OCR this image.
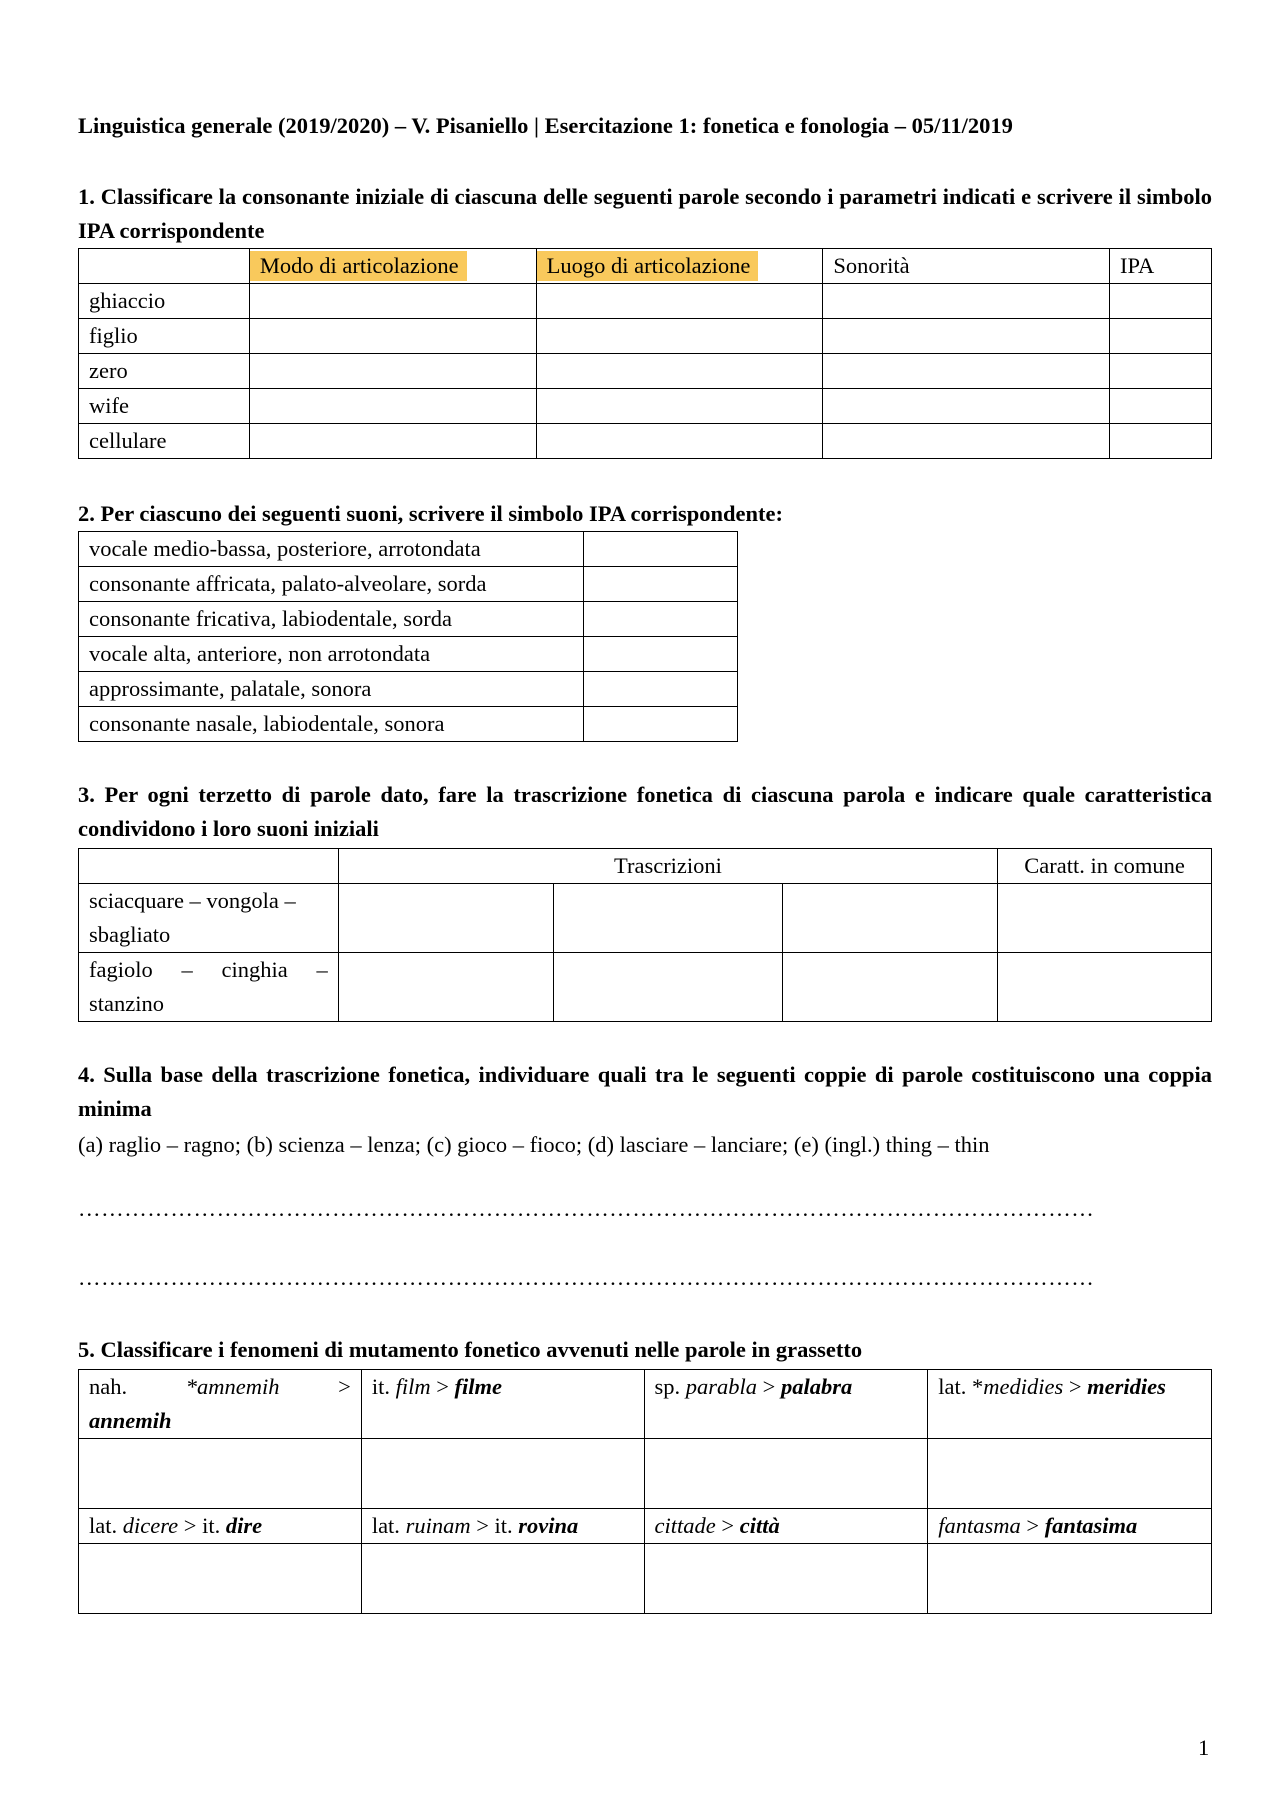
Linguistica generale (2019/2020) – V. Pisaniello | Esercitazione 1: fonetica e fonologia – 05/11/2019
1. Classificare la consonante iniziale di ciascuna delle seguenti parole secondo i parametri indicati e scrivere il simbolo IPA corrispondente
	Modo di articolazione	Luogo di articolazione	Sonorità	IPA
ghiaccio				
figlio				
zero				
wife				
cellulare				
2. Per ciascuno dei seguenti suoni, scrivere il simbolo IPA corrispondente:
vocale medio-bassa, posteriore, arrotondata	
consonante affricata, palato-alveolare, sorda	
consonante fricativa, labiodentale, sorda	
vocale alta, anteriore, non arrotondata	
approssimante, palatale, sonora	
consonante nasale, labiodentale, sonora	
3. Per ogni terzetto di parole dato, fare la trascrizione fonetica di ciascuna parola e indicare quale caratteristica condividono i loro suoni iniziali
	Trascrizioni			Caratt. in comune

sciacquare – vongola –
sbagliato				

fagiolo – cinghia –
stanzino				

4. Sulla base della trascrizione fonetica, individuare quali tra le seguenti coppie di parole costituiscono una coppia minima
(a) raglio – ragno; (b) scienza – lenza; (c) gioco – fioco; (d) lasciare – lanciare; (e) (ingl.) thing – thin
……………………………………………………………………………………………………………………
……………………………………………………………………………………………………………………
5. Classificare i fenomeni di mutamento fonetico avvenuti nelle parole in grassetto
nah. *amnemih >
annemih	it. film > filme	sp. parabla > palabra	lat. *medidies > meridies

lat. dicere > it. dire	lat. ruinam > it. rovina	cittade > città	fantasma > fantasima

1
